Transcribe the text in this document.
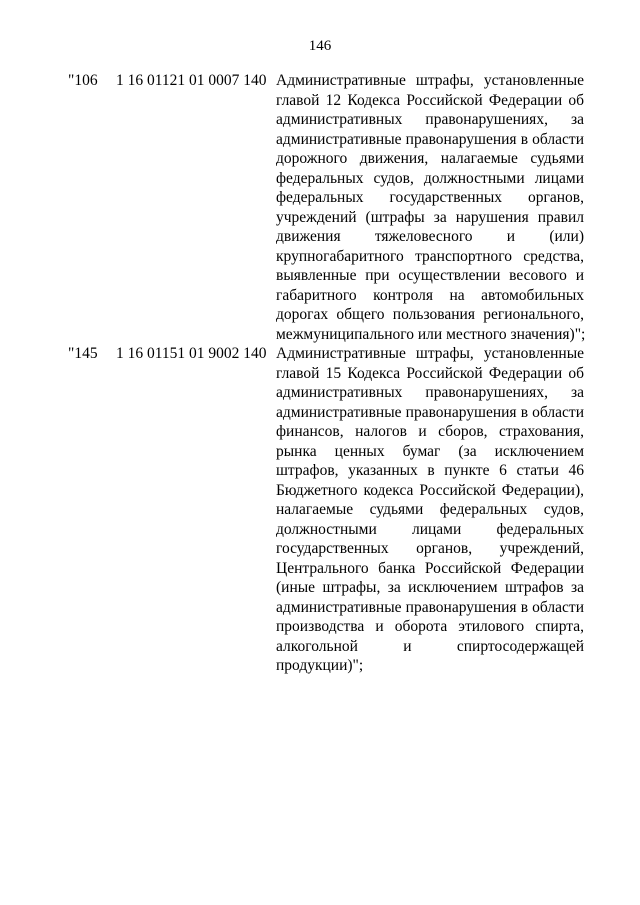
146
"106	1 16 01121 01 0007 140 Административные штрафы, установленные
главой 12 Кодекса Российской Федерации об
административных правонарушениях, за
административные правонарушения в области
дорожного движения, налагаемые судьями
федеральных судов, должностными лицами
федеральных государственных органов,
учреждений (штрафы за нарушения правил
движения тяжеловесного и (или)
крупногабаритного транспортного средства,
выявленные при осуществлении весового и
габаритного контроля на автомобильных
дорогах общего пользования регионального,
межмуниципального или местного значения)";
"145	1 16 01151 01 9002 140 Административные штрафы, установленные
главой 15 Кодекса Российской Федерации об
административных правонарушениях, за
административные правонарушения в области
финансов, налогов и сборов, страхования,
рынка ценных бумаг (за исключением
штрафов, указанных в пункте 6 статьи 46
Бюджетного кодекса Российской Федерации),
налагаемые судьями федеральных судов,
должностными лицами федеральных
государственных органов, учреждений,
Центрального банка Российской Федерации
(иные штрафы, за исключением штрафов за
административные правонарушения в области
производства и оборота этилового спирта,
алкогольной и спиртосодержащей
продукции)";
